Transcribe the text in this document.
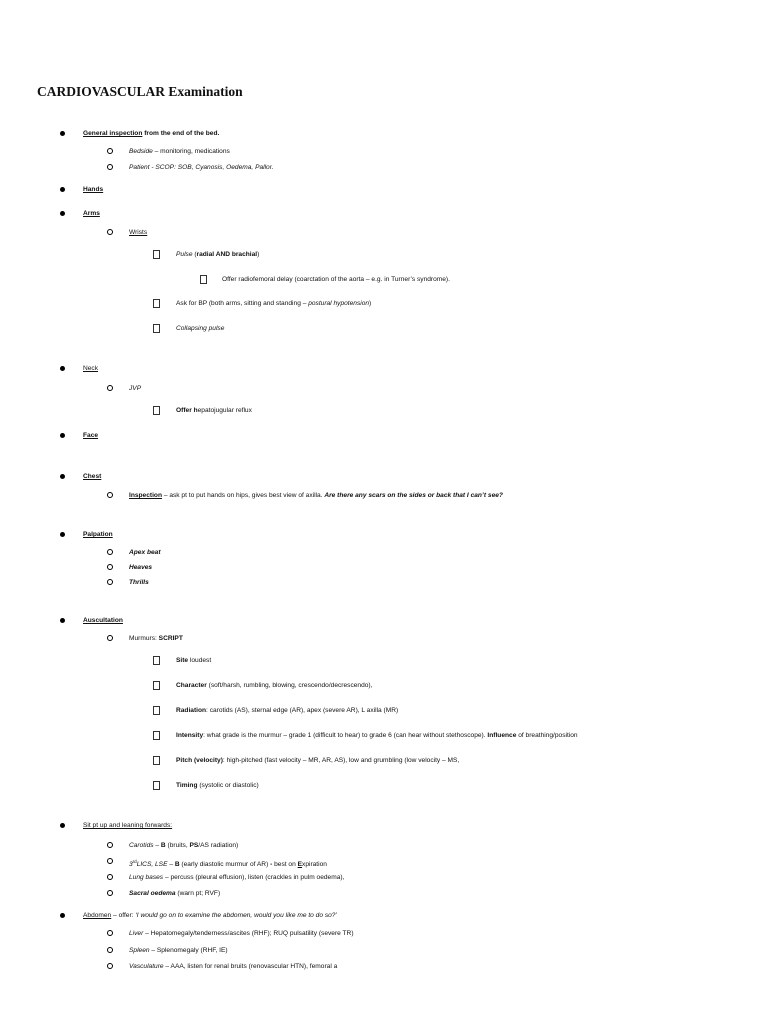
CARDIOVASCULAR Examination
General inspection from the end of the bed.
Bedside – monitoring, medications
Patient - SCOP: SOB, Cyanosis, Oedema, Pallor.
Hands
Arms
Wrists
Pulse (radial AND brachial)
Offer radiofemoral delay (coarctation of the aorta – e.g. in Turner’s syndrome).
Ask for BP (both arms, sitting and standing – postural hypotension)
Collapsing pulse
Neck
JVP
Offer hepatojugular reflux
Face
Chest
Inspection – ask pt to put hands on hips, gives best view of axilla. Are there any scars on the sides or back that I can’t see?
Palpation
Apex beat
Heaves
Thrills
Auscultation
Murmurs: SCRIPT
Site loudest
Character (soft/harsh, rumbling, blowing, crescendo/decrescendo),
Radiation: carotids (AS), sternal edge (AR), apex (severe AR), L axilla (MR)
Intensity: what grade is the murmur – grade 1 (difficult to hear) to grade 6 (can hear without stethoscope). Influence of breathing/position
Pitch (velocity): high-pitched (fast velocity – MR, AR, AS), low and grumbling (low velocity – MS,
Timing (systolic or diastolic)
Sit pt up and leaning forwards:
Carotids – B (bruits, PS/AS radiation)
3rdLICS, LSE – B (early diastolic murmur of AR) - best on Expiration
Lung bases – percuss (pleural effusion), listen (crackles in pulm oedema),
Sacral oedema (warn pt; RVF)
Abdomen – offer: ‘I would go on to examine the abdomen, would you like me to do so?’
Liver – Hepatomegaly/tenderness/ascites (RHF); RUQ pulsatility (severe TR)
Spleen – Splenomegaly (RHF, IE)
Vasculature – AAA, listen for renal bruits (renovascular HTN), femoral a
